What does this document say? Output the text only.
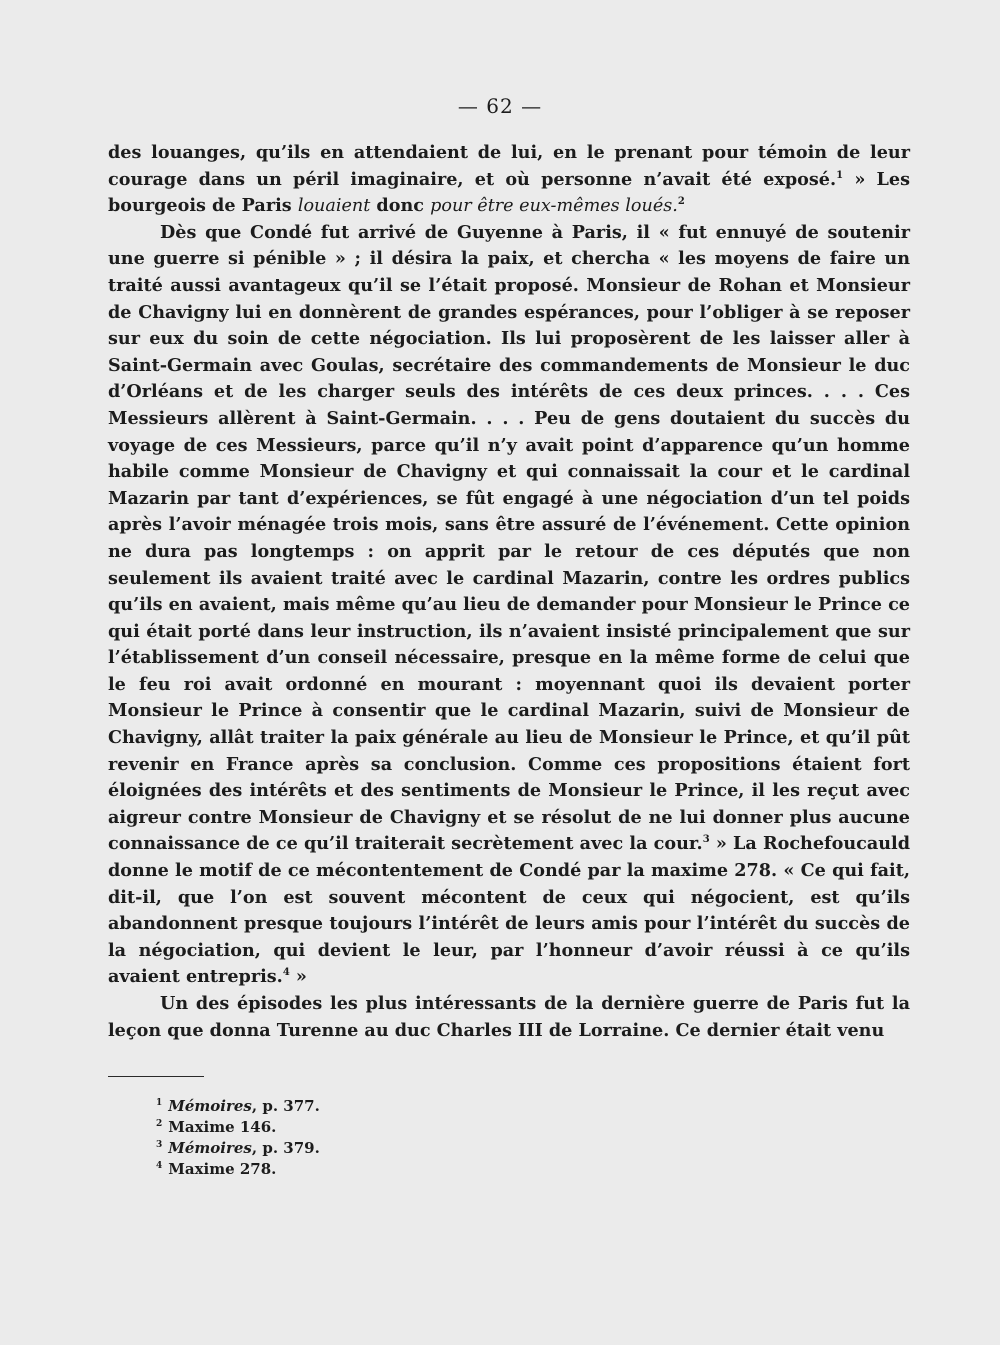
— 62 —

des louanges, qu’ils en attendaient de lui, en le prenant pour témoin de leur courage dans un péril imaginaire, et où personne n’avait été exposé.$^1$ » Les bourgeois de Paris louaient donc pour être eux-mêmes loués.$^2$

Dès que Condé fut arrivé de Guyenne à Paris, il « fut ennuyé de soutenir une guerre si pénible » ; il désira la paix, et chercha « les moyens de faire un traité aussi avantageux qu’il se l’était proposé. Monsieur de Rohan et Monsieur de Chavigny lui en donnèrent de grandes espérances, pour l’obliger à se reposer sur eux du soin de cette négociation. Ils lui proposèrent de les laisser aller à Saint-Germain avec Goulas, secrétaire des commandements de Monsieur le duc d’Orléans et de les charger seuls des intérêts de ces deux princes. . . . Ces Messieurs allèrent à Saint-Germain. . . . Peu de gens doutaient du succès du voyage de ces Messieurs, parce qu’il n’y avait point d’apparence qu’un homme habile comme Monsieur de Chavigny et qui connaissait la cour et le cardinal Mazarin par tant d’expériences, se fût engagé à une négociation d’un tel poids après l’avoir ménagée trois mois, sans être assuré de l’événement. Cette opinion ne dura pas longtemps : on apprit par le retour de ces députés que non seulement ils avaient traité avec le cardinal Mazarin, contre les ordres publics qu’ils en avaient, mais même qu’au lieu de demander pour Monsieur le Prince ce qui était porté dans leur instruction, ils n’avaient insisté principalement que sur l’établissement d’un conseil nécessaire, presque en la même forme de celui que le feu roi avait ordonné en mourant : moyennant quoi ils devaient porter Monsieur le Prince à consentir que le cardinal Mazarin, suivi de Monsieur de Chavigny, allât traiter la paix générale au lieu de Monsieur le Prince, et qu’il pût revenir en France après sa conclusion. Comme ces propositions étaient fort éloignées des intérêts et des sentiments de Monsieur le Prince, il les reçut avec aigreur contre Monsieur de Chavigny et se résolut de ne lui donner plus aucune connaissance de ce qu’il traiterait secrètement avec la cour.$^3$ » La Rochefoucauld donne le motif de ce mécontentement de Condé par la maxime 278. « Ce qui fait, dit-il, que l’on est souvent mécontent de ceux qui négocient, est qu’ils abandonnent presque toujours l’intérêt de leurs amis pour l’intérêt du succès de la négociation, qui devient le leur, par l’honneur d’avoir réussi à ce qu’ils avaient entrepris.$^4$ »

Un des épisodes les plus intéressants de la dernière guerre de Paris fut la leçon que donna Turenne au duc Charles III de Lorraine. Ce dernier était venu

$^1$ Mémoires, p. 377.
$^2$ Maxime 146.
$^3$ Mémoires, p. 379.
$^4$ Maxime 278.
